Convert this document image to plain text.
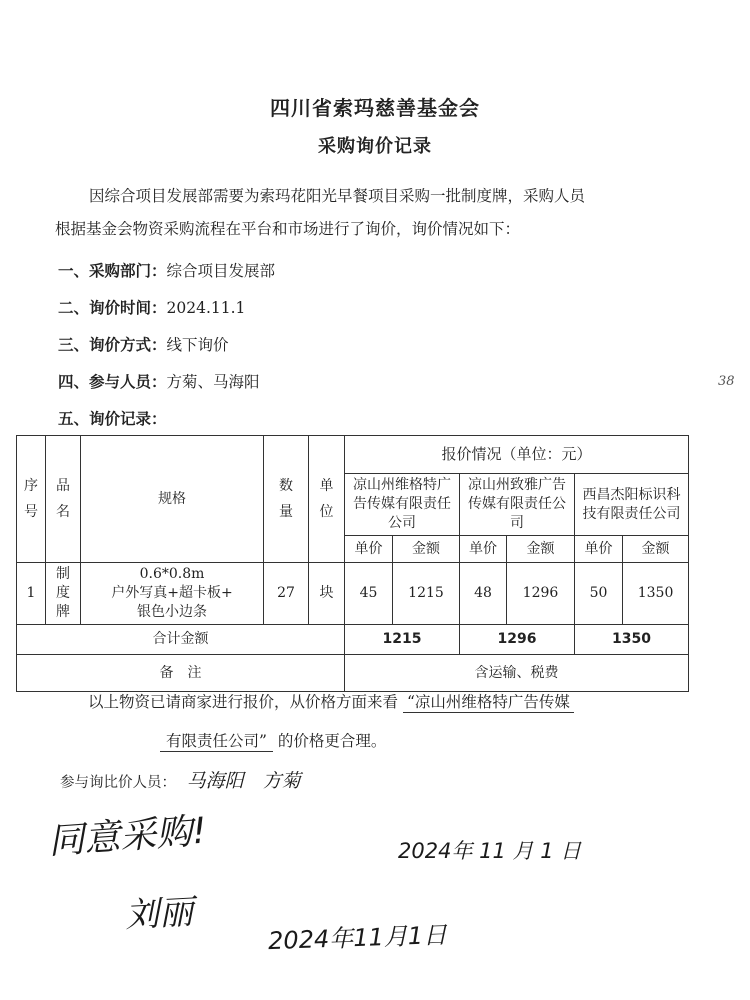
四川省索玛慈善基金会
采购询价记录
因综合项目发展部需要为索玛花阳光早餐项目采购一批制度牌，采购人员
根据基金会物资采购流程在平台和市场进行了询价，询价情况如下：
一、采购部门：综合项目发展部
二、询价时间：2024.11.1
三、询价方式：线下询价
四、参与人员：方菊、马海阳
五、询价记录：
38
序号	品名	规格	数量	单位	报价情况（单位：元）					
					凉山州维格特广告传媒有限责任公司		凉山州致雅广告传媒有限责任公司		西昌杰阳标识科技有限责任公司	
					单价	金额	单价	金额	单价	金额
1	制度牌	0.6*0.8m
户外写真+超卡板+
银色小边条	27	块	45	1215	48	1296	50	1350
合计金额					1215		1296		1350	
备　注					含运输、税费					
以上物资已请商家进行报价，从价格方面来看 “凉山州维格特广告传媒
有限责任公司” 的价格更合理。
参与询比价人员： 马海阳　方菊
同意采购!	2024年 11 月 1 日
刘丽
2024年11月1日
